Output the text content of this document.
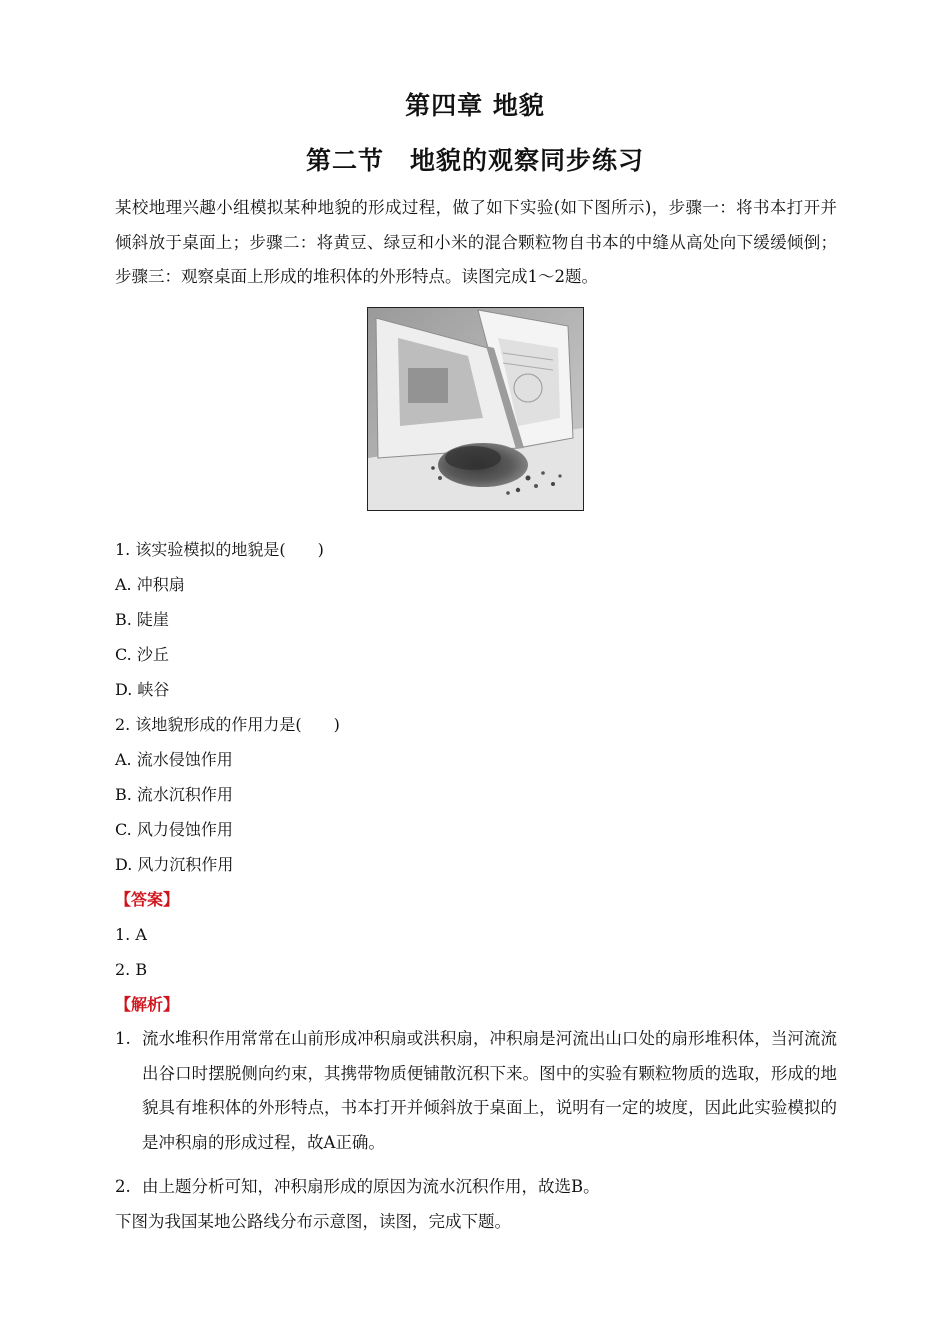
第四章 地貌
第二节　地貌的观察同步练习
某校地理兴趣小组模拟某种地貌的形成过程，做了如下实验(如下图所示)，步骤一：将书本打开并倾斜放于桌面上；步骤二：将黄豆、绿豆和小米的混合颗粒物自书本的中缝从高处向下缓缓倾倒；步骤三：观察桌面上形成的堆积体的外形特点。读图完成1～2题。
1. 该实验模拟的地貌是(　　)
A. 冲积扇
B. 陡崖
C. 沙丘
D. 峡谷
2. 该地貌形成的作用力是(　　)
A. 流水侵蚀作用
B. 流水沉积作用
C. 风力侵蚀作用
D. 风力沉积作用
【答案】
1. A
2. B
【解析】
1. 流水堆积作用常常在山前形成冲积扇或洪积扇，冲积扇是河流出山口处的扇形堆积体，当河流流出谷口时摆脱侧向约束，其携带物质便铺散沉积下来。图中的实验有颗粒物质的选取，形成的地貌具有堆积体的外形特点，书本打开并倾斜放于桌面上，说明有一定的坡度，因此此实验模拟的是冲积扇的形成过程，故A正确。
2. 由上题分析可知，冲积扇形成的原因为流水沉积作用，故选B。
下图为我国某地公路线分布示意图，读图，完成下题。
